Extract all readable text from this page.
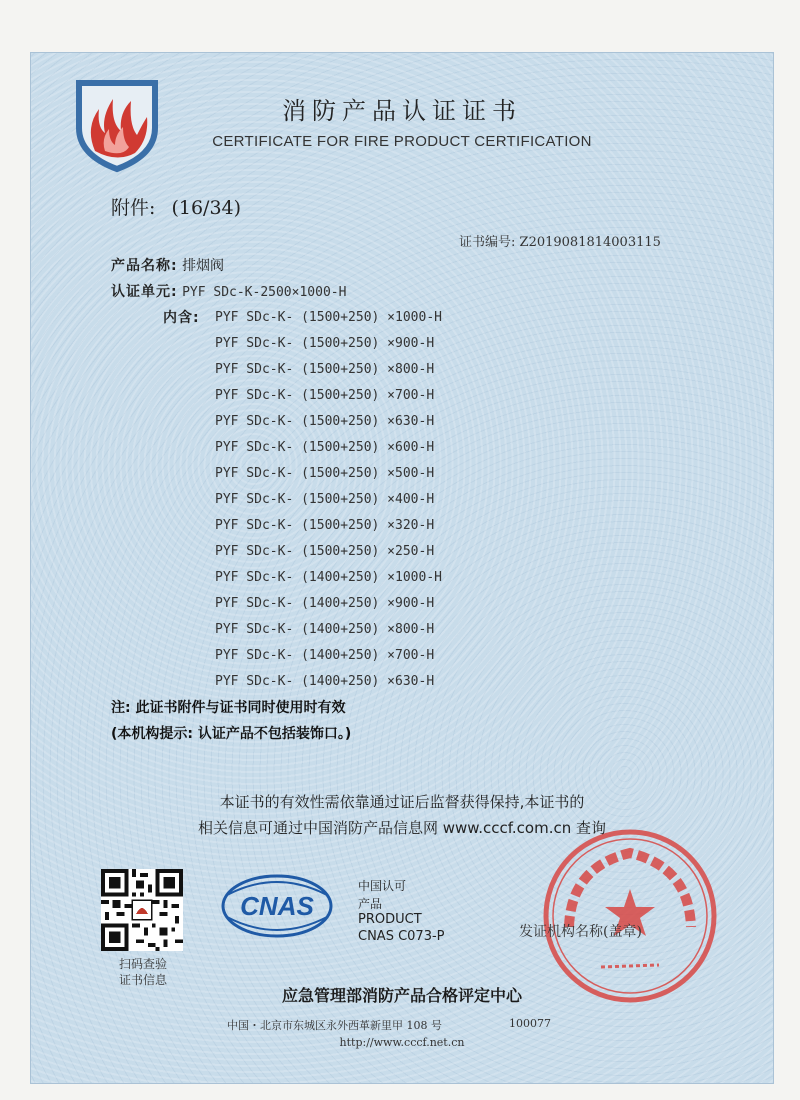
消防产品认证证书
CERTIFICATE FOR FIRE PRODUCT CERTIFICATION
附件: (16/34)
证书编号: Z2019081814003115
产品名称: 排烟阀
认证单元: PYF SDc-K-2500×1000-H
内含: PYF SDc-K- (1500+250) ×1000-H
PYF SDc-K- (1500+250) ×900-H
PYF SDc-K- (1500+250) ×800-H
PYF SDc-K- (1500+250) ×700-H
PYF SDc-K- (1500+250) ×630-H
PYF SDc-K- (1500+250) ×600-H
PYF SDc-K- (1500+250) ×500-H
PYF SDc-K- (1500+250) ×400-H
PYF SDc-K- (1500+250) ×320-H
PYF SDc-K- (1500+250) ×250-H
PYF SDc-K- (1400+250) ×1000-H
PYF SDc-K- (1400+250) ×900-H
PYF SDc-K- (1400+250) ×800-H
PYF SDc-K- (1400+250) ×700-H
PYF SDc-K- (1400+250) ×630-H
注: 此证书附件与证书同时使用时有效
(本机构提示: 认证产品不包括装饰口。)
本证书的有效性需依靠通过证后监督获得保持,本证书的
相关信息可通过中国消防产品信息网 www.cccf.com.cn 查询
扫码查验
证书信息
CNAS
中国认可
产品
PRODUCT
CNAS C073-P	发证机构名称(盖章)
应急管理部消防产品合格评定中心
中国・北京市东城区永外西革新里甲 108 号	100077
http://www.cccf.net.cn
